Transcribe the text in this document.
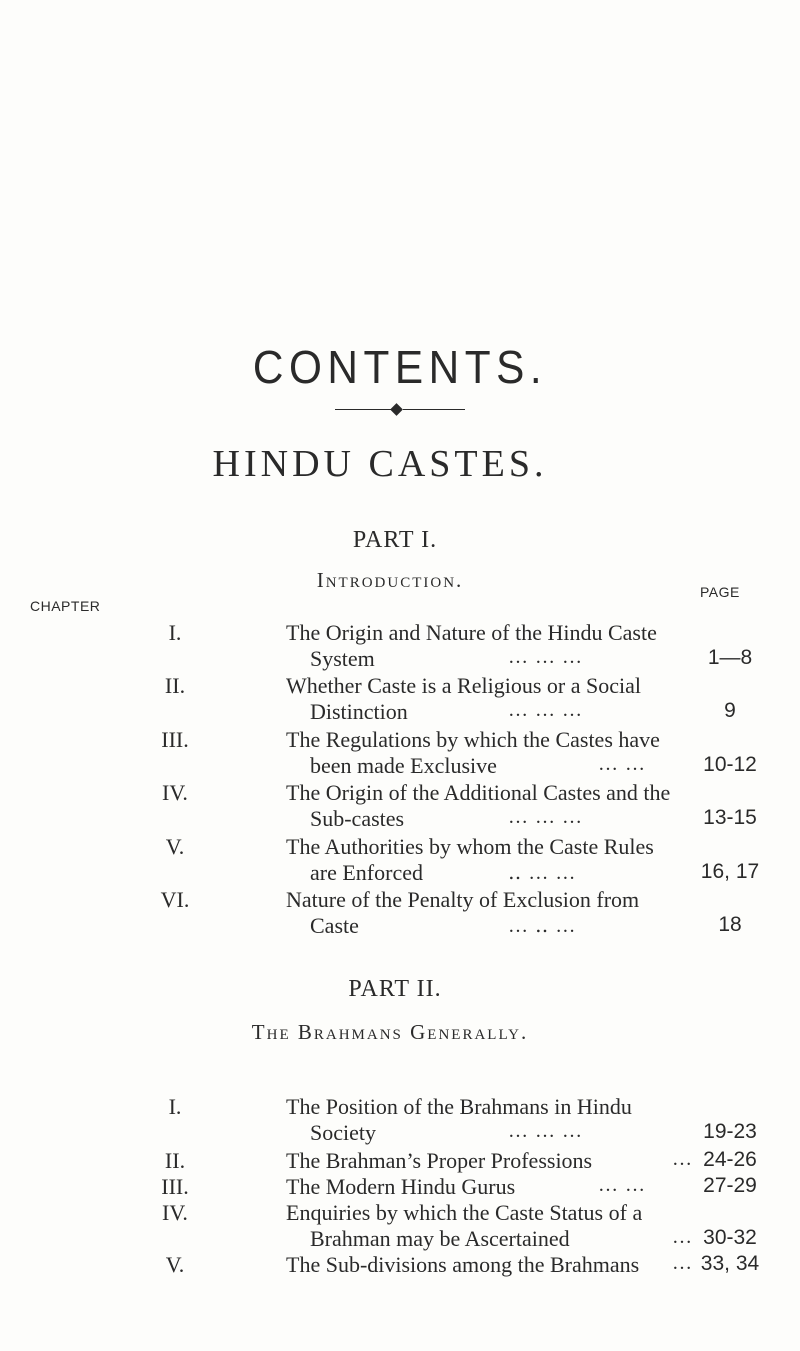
CONTENTS.
HINDU CASTES.
PART I.
Introduction.
CHAPTER
PAGE
I.	The Origin and Nature of the Hindu Caste
System	… … …	1—8
II.	Whether Caste is a Religious or a Social
Distinction	… … …	9
III.	The Regulations by which the Castes have
been made Exclusive	… …	10-12
IV.	The Origin of the Additional Castes and the
Sub-castes	… … …	13-15
V.	The Authorities by whom the Caste Rules
are Enforced	‥ … …	16, 17
VI.	Nature of the Penalty of Exclusion from
Caste	… ‥ …	18
PART II.
The Brahmans Generally.
I.	The Position of the Brahmans in Hindu
Society	… … …	19-23
II.	The Brahman’s Proper Professions	… 24-26
III.	The Modern Hindu Gurus	… …	27-29
IV.	Enquiries by which the Caste Status of a
Brahman may be Ascertained	… 30-32
V.	The Sub-divisions among the Brahmans … 33, 34
